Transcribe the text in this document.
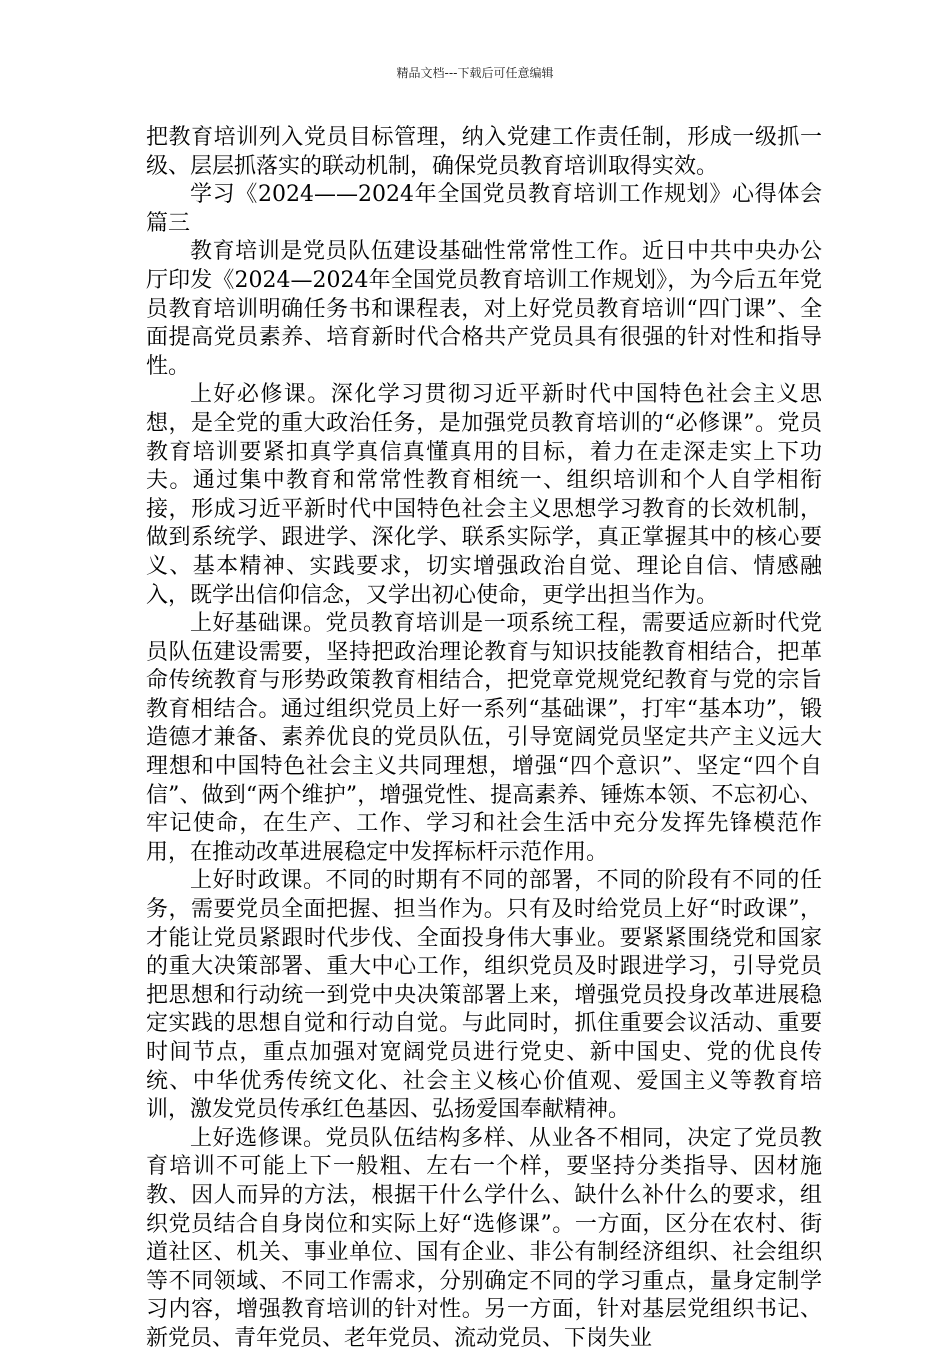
精品文档---下载后可任意编辑

把教育培训列入党员目标管理，纳入党建工作责任制，形成一级抓一级、层层抓落实的联动机制，确保党员教育培训取得实效。

学习《2024——2024年全国党员教育培训工作规划》心得体会篇三

教育培训是党员队伍建设基础性常常性工作。近日中共中央办公厅印发《2024—2024年全国党员教育培训工作规划》，为今后五年党员教育培训明确任务书和课程表，对上好党员教育培训“四门课”、全面提高党员素养、培育新时代合格共产党员具有很强的针对性和指导性。

上好必修课。深化学习贯彻习近平新时代中国特色社会主义思想，是全党的重大政治任务，是加强党员教育培训的“必修课”。党员教育培训要紧扣真学真信真懂真用的目标，着力在走深走实上下功夫。通过集中教育和常常性教育相统一、组织培训和个人自学相衔接，形成习近平新时代中国特色社会主义思想学习教育的长效机制，做到系统学、跟进学、深化学、联系实际学，真正掌握其中的核心要义、基本精神、实践要求，切实增强政治自觉、理论自信、情感融入，既学出信仰信念，又学出初心使命，更学出担当作为。

上好基础课。党员教育培训是一项系统工程，需要适应新时代党员队伍建设需要，坚持把政治理论教育与知识技能教育相结合，把革命传统教育与形势政策教育相结合，把党章党规党纪教育与党的宗旨教育相结合。通过组织党员上好一系列“基础课”，打牢“基本功”，锻造德才兼备、素养优良的党员队伍，引导宽阔党员坚定共产主义远大理想和中国特色社会主义共同理想，增强“四个意识”、坚定“四个自信”、做到“两个维护”，增强党性、提高素养、锤炼本领、不忘初心、牢记使命，在生产、工作、学习和社会生活中充分发挥先锋模范作用，在推动改革进展稳定中发挥标杆示范作用。

上好时政课。不同的时期有不同的部署，不同的阶段有不同的任务，需要党员全面把握、担当作为。只有及时给党员上好“时政课”，才能让党员紧跟时代步伐、全面投身伟大事业。要紧紧围绕党和国家的重大决策部署、重大中心工作，组织党员及时跟进学习，引导党员把思想和行动统一到党中央决策部署上来，增强党员投身改革进展稳定实践的思想自觉和行动自觉。与此同时，抓住重要会议活动、重要时间节点，重点加强对宽阔党员进行党史、新中国史、党的优良传统、中华优秀传统文化、社会主义核心价值观、爱国主义等教育培训，激发党员传承红色基因、弘扬爱国奉献精神。

上好选修课。党员队伍结构多样、从业各不相同，决定了党员教育培训不可能上下一般粗、左右一个样，要坚持分类指导、因材施教、因人而异的方法，根据干什么学什么、缺什么补什么的要求，组织党员结合自身岗位和实际上好“选修课”。一方面，区分在农村、街道社区、机关、事业单位、国有企业、非公有制经济组织、社会组织等不同领域、不同工作需求，分别确定不同的学习重点，量身定制学习内容，增强教育培训的针对性。另一方面，针对基层党组织书记、新党员、青年党员、老年党员、流动党员、下岗失业
